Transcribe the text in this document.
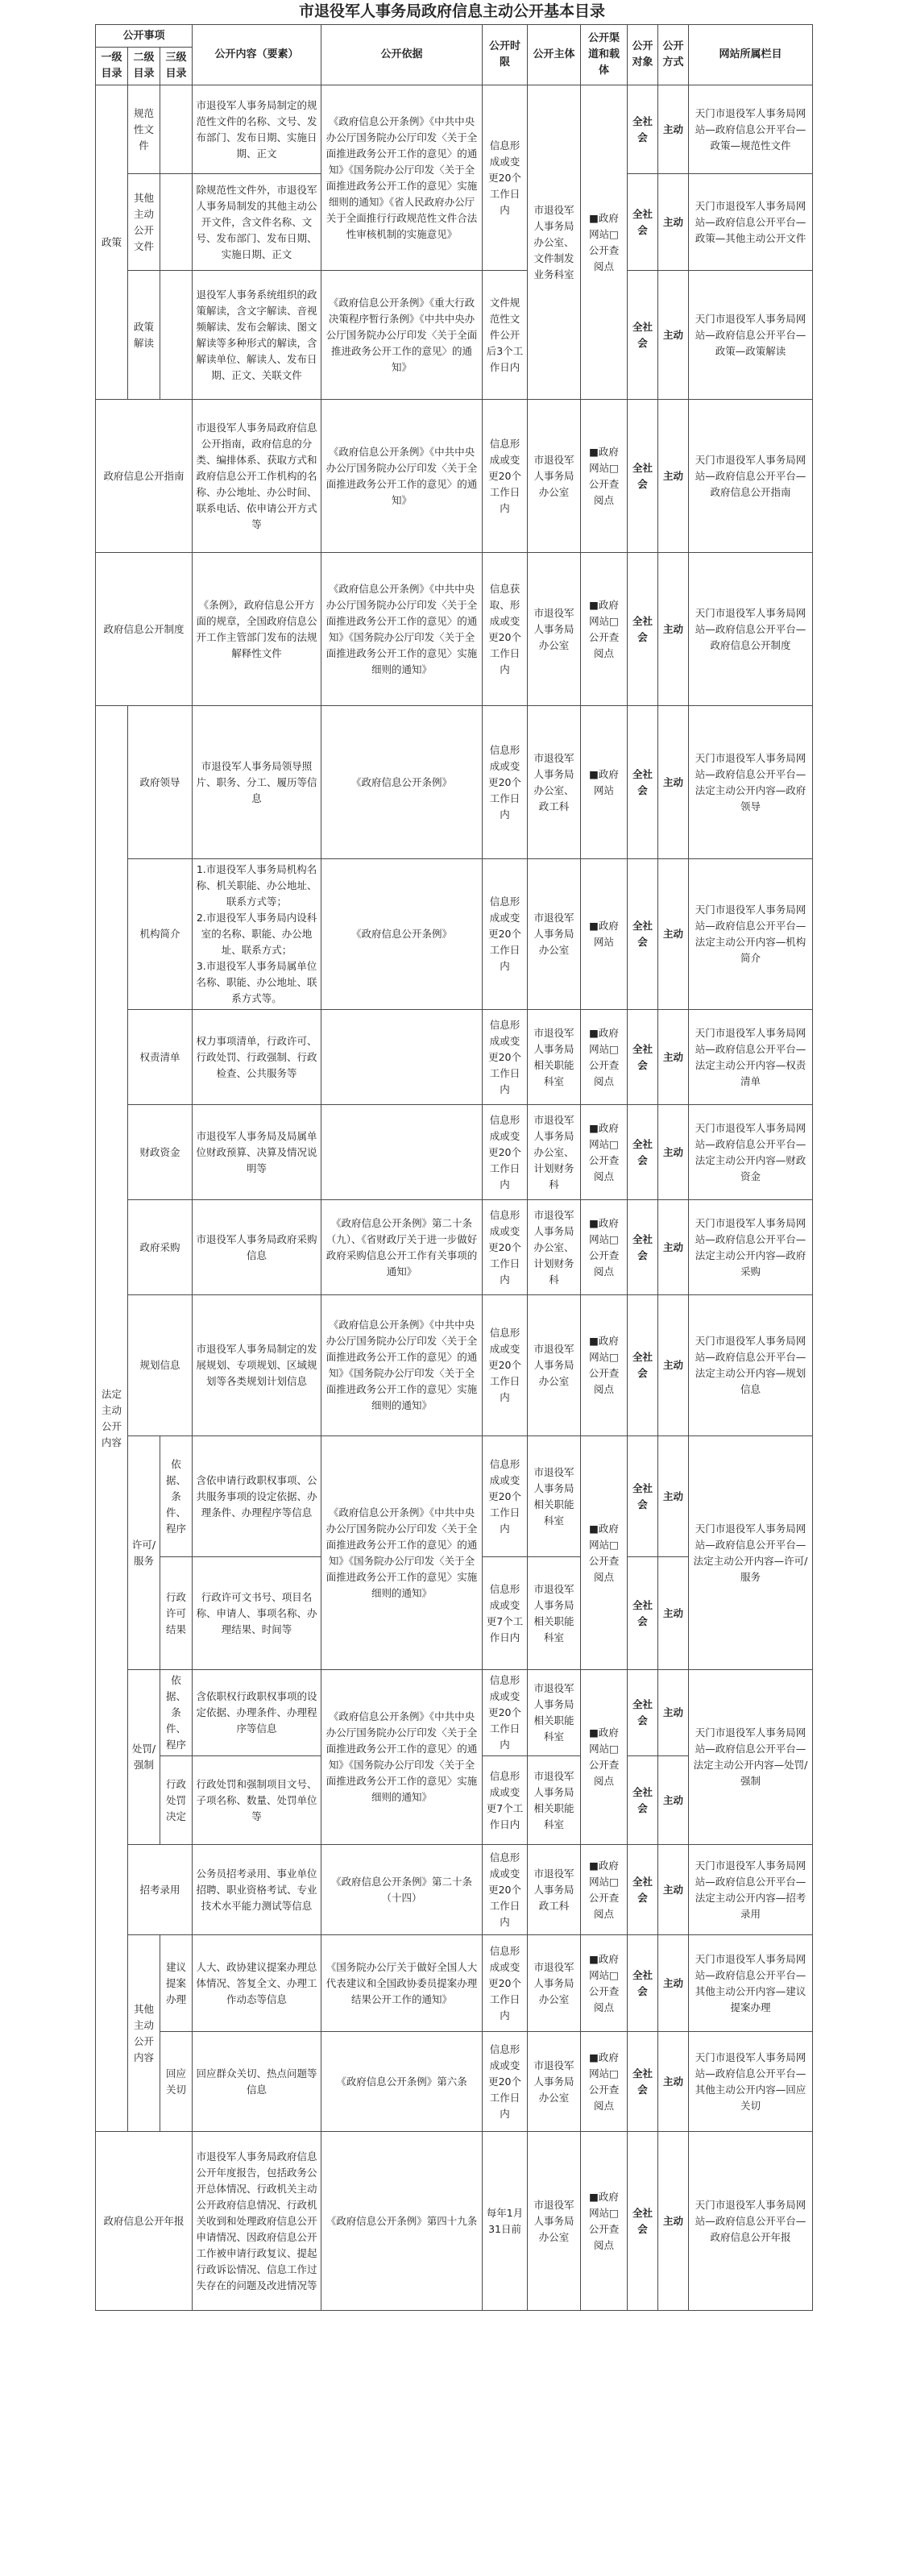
市退役军人事务局政府信息主动公开基本目录
公开事项			公开内容（要素）	公开依据	公开时限	公开主体	公开渠道和载体	公开对象	公开方式	网站所属栏目
一级目录	二级目录	三级目录								
政策	规范性文件		市退役军人事务局制定的规范性文件的名称、文号、发布部门、发布日期、实施日期、正文	《政府信息公开条例》《中共中央办公厅国务院办公厅印发〈关于全面推进政务公开工作的意见〉的通知》《国务院办公厅印发〈关于全面推进政务公开工作的意见〉实施细则的通知》《省人民政府办公厅关于全面推行行政规范性文件合法性审核机制的实施意见》	信息形成或变更20个工作日内	市退役军人事务局办公室、文件制发业务科室	■政府网站□公开查阅点	全社会	主动	天门市退役军人事务局网站—政府信息公开平台—政策—规范性文件
	其他主动公开文件		除规范性文件外，市退役军人事务局制发的其他主动公开文件，含文件名称、文号、发布部门、发布日期、实施日期、正文					全社会	主动	天门市退役军人事务局网站—政府信息公开平台—政策—其他主动公开文件
	政策解读		退役军人事务系统组织的政策解读，含文字解读、音视频解读、发布会解读、图文解读等多种形式的解读，含解读单位、解读人、发布日期、正文、关联文件	《政府信息公开条例》《重大行政决策程序暂行条例》《中共中央办公厅国务院办公厅印发〈关于全面推进政务公开工作的意见〉的通知》	文件规范性文件公开后3个工作日内			全社会	主动	天门市退役军人事务局网站—政府信息公开平台—政策—政策解读
政府信息公开指南			市退役军人事务局政府信息公开指南，政府信息的分类、编排体系、获取方式和政府信息公开工作机构的名称、办公地址、办公时间、联系电话、依申请公开方式等	《政府信息公开条例》《中共中央办公厅国务院办公厅印发〈关于全面推进政务公开工作的意见〉的通知》	信息形成或变更20个工作日内	市退役军人事务局办公室	■政府网站□公开查阅点	全社会	主动	天门市退役军人事务局网站—政府信息公开平台—政府信息公开指南
政府信息公开制度			《条例》，政府信息公开方面的规章，全国政府信息公开工作主管部门发布的法规解释性文件	《政府信息公开条例》《中共中央办公厅国务院办公厅印发〈关于全面推进政务公开工作的意见〉的通知》《国务院办公厅印发〈关于全面推进政务公开工作的意见〉实施细则的通知》	信息获取、形成或变更20个工作日内	市退役军人事务局办公室	■政府网站□公开查阅点	全社会	主动	天门市退役军人事务局网站—政府信息公开平台—政府信息公开制度
法定主动公开内容	政府领导		市退役军人事务局领导照片、职务、分工、履历等信息	《政府信息公开条例》	信息形成或变更20个工作日内	市退役军人事务局办公室、政工科	■政府网站	全社会	主动	天门市退役军人事务局网站—政府信息公开平台—法定主动公开内容—政府领导
	机构简介		1.市退役军人事务局机构名称、机关职能、办公地址、联系方式等；
2.市退役军人事务局内设科室的名称、职能、办公地址、联系方式；
3.市退役军人事务局属单位名称、职能、办公地址、联系方式等。	《政府信息公开条例》	信息形成或变更20个工作日内	市退役军人事务局办公室	■政府网站	全社会	主动	天门市退役军人事务局网站—政府信息公开平台—法定主动公开内容—机构简介
	权责清单		权力事项清单，行政许可、行政处罚、行政强制、行政检查、公共服务等		信息形成或变更20个工作日内	市退役军人事务局相关职能科室	■政府网站□公开查阅点	全社会	主动	天门市退役军人事务局网站—政府信息公开平台—法定主动公开内容—权责清单
	财政资金		市退役军人事务局及局属单位财政预算、决算及情况说明等		信息形成或变更20个工作日内	市退役军人事务局办公室、计划财务科	■政府网站□公开查阅点	全社会	主动	天门市退役军人事务局网站—政府信息公开平台—法定主动公开内容—财政资金
	政府采购		市退役军人事务局政府采购信息	《政府信息公开条例》第二十条（九）、《省财政厅关于进一步做好政府采购信息公开工作有关事项的通知》	信息形成或变更20个工作日内	市退役军人事务局办公室、计划财务科	■政府网站□公开查阅点	全社会	主动	天门市退役军人事务局网站—政府信息公开平台—法定主动公开内容—政府采购
	规划信息		市退役军人事务局制定的发展规划、专项规划、区域规划等各类规划计划信息	《政府信息公开条例》《中共中央办公厅国务院办公厅印发〈关于全面推进政务公开工作的意见〉的通知》《国务院办公厅印发〈关于全面推进政务公开工作的意见〉实施细则的通知》	信息形成或变更20个工作日内	市退役军人事务局办公室	■政府网站□公开查阅点	全社会	主动	天门市退役军人事务局网站—政府信息公开平台—法定主动公开内容—规划信息
	许可/服务	依据、条件、程序	含依申请行政职权事项、公共服务事项的设定依据、办理条件、办理程序等信息	《政府信息公开条例》《中共中央办公厅国务院办公厅印发〈关于全面推进政务公开工作的意见〉的通知》《国务院办公厅印发〈关于全面推进政务公开工作的意见〉实施细则的通知》	信息形成或变更20个工作日内	市退役军人事务局相关职能科室	■政府网站□公开查阅点	全社会	主动	天门市退役军人事务局网站—政府信息公开平台—法定主动公开内容—许可/服务
		行政许可结果	行政许可文书号、项目名称、申请人、事项名称、办理结果、时间等		信息形成或变更7个工作日内	市退役军人事务局相关职能科室		全社会	主动	
	处罚/强制	依据、条件、程序	含依职权行政职权事项的设定依据、办理条件、办理程序等信息	《政府信息公开条例》《中共中央办公厅国务院办公厅印发〈关于全面推进政务公开工作的意见〉的通知》《国务院办公厅印发〈关于全面推进政务公开工作的意见〉实施细则的通知》	信息形成或变更20个工作日内	市退役军人事务局相关职能科室	■政府网站□公开查阅点	全社会	主动	天门市退役军人事务局网站—政府信息公开平台—法定主动公开内容—处罚/强制
		行政处罚决定	行政处罚和强制项目文号、子项名称、数量、处罚单位等		信息形成或变更7个工作日内	市退役军人事务局相关职能科室		全社会	主动	
	招考录用		公务员招考录用、事业单位招聘、职业资格考试、专业技术水平能力测试等信息	《政府信息公开条例》第二十条（十四）	信息形成或变更20个工作日内	市退役军人事务局政工科	■政府网站□公开查阅点	全社会	主动	天门市退役军人事务局网站—政府信息公开平台—法定主动公开内容—招考录用
	其他主动公开内容	建议提案办理	人大、政协建议提案办理总体情况、答复全文、办理工作动态等信息	《国务院办公厅关于做好全国人大代表建议和全国政协委员提案办理结果公开工作的通知》	信息形成或变更20个工作日内	市退役军人事务局办公室	■政府网站□公开查阅点	全社会	主动	天门市退役军人事务局网站—政府信息公开平台—其他主动公开内容—建议提案办理
		回应关切	回应群众关切、热点问题等信息	《政府信息公开条例》第六条	信息形成或变更20个工作日内	市退役军人事务局办公室	■政府网站□公开查阅点	全社会	主动	天门市退役军人事务局网站—政府信息公开平台—其他主动公开内容—回应关切
政府信息公开年报			市退役军人事务局政府信息公开年度报告，包括政务公开总体情况、行政机关主动公开政府信息情况、行政机关收到和处理政府信息公开申请情况、因政府信息公开工作被申请行政复议、提起行政诉讼情况、信息工作过失存在的问题及改进情况等	《政府信息公开条例》第四十九条	每年1月31日前	市退役军人事务局办公室	■政府网站□公开查阅点	全社会	主动	天门市退役军人事务局网站—政府信息公开平台—政府信息公开年报
